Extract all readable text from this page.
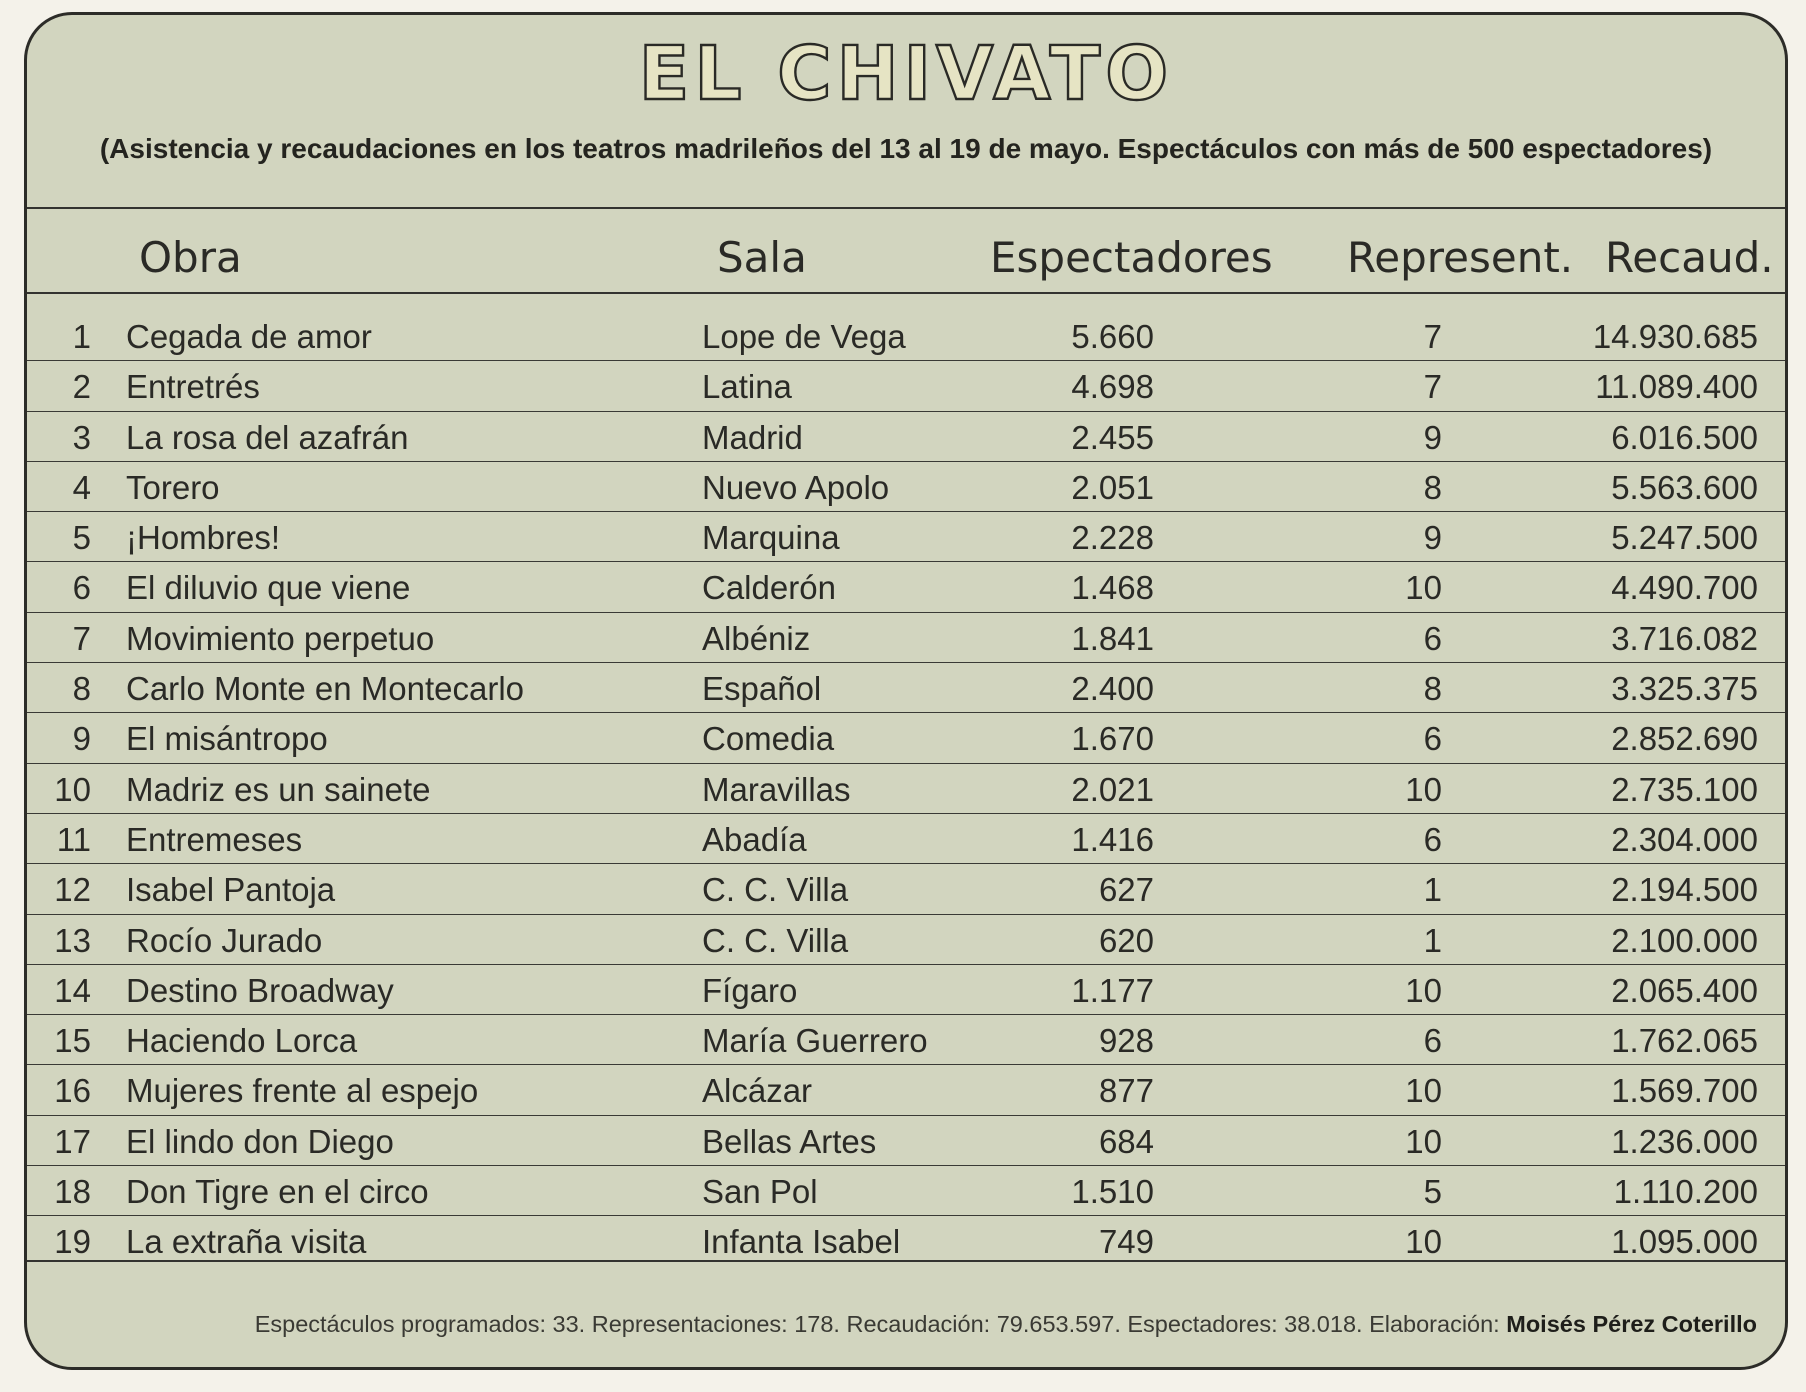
EL CHIVATO
(Asistencia y recaudaciones en los teatros madrileños del 13 al 19 de mayo. Espectáculos con más de 500 espectadores)
Obra	Sala	Espectadores Represent. Recaud.
1 Cegada de amor	Lope de Vega	5.660	7	14.930.685
2 Entretrés	Latina	4.698	7	11.089.400
3 La rosa del azafrán	Madrid	2.455	9	6.016.500
4 Torero	Nuevo Apolo	2.051	8	5.563.600
5 ¡Hombres!	Marquina	2.228	9	5.247.500
6 El diluvio que viene	Calderón	1.468	10	4.490.700
7 Movimiento perpetuo	Albéniz	1.841	6	3.716.082
8 Carlo Monte en Montecarlo	Español	2.400	8	3.325.375
9 El misántropo	Comedia	1.670	6	2.852.690
10 Madriz es un sainete	Maravillas	2.021	10	2.735.100
11 Entremeses	Abadía	1.416	6	2.304.000
12 Isabel Pantoja	C. C. Villa	627	1	2.194.500
13 Rocío Jurado	C. C. Villa	620	1	2.100.000
14 Destino Broadway	Fígaro	1.177	10	2.065.400
15 Haciendo Lorca	María Guerrero	928	6	1.762.065
16 Mujeres frente al espejo	Alcázar	877	10	1.569.700
17 El lindo don Diego	Bellas Artes	684	10	1.236.000
18 Don Tigre en el circo	San Pol	1.510	5	1.110.200
19 La extraña visita	Infanta Isabel	749	10	1.095.000
Espectáculos programados: 33. Representaciones: 178. Recaudación: 79.653.597. Espectadores: 38.018. Elaboración: Moisés Pérez Coterillo
